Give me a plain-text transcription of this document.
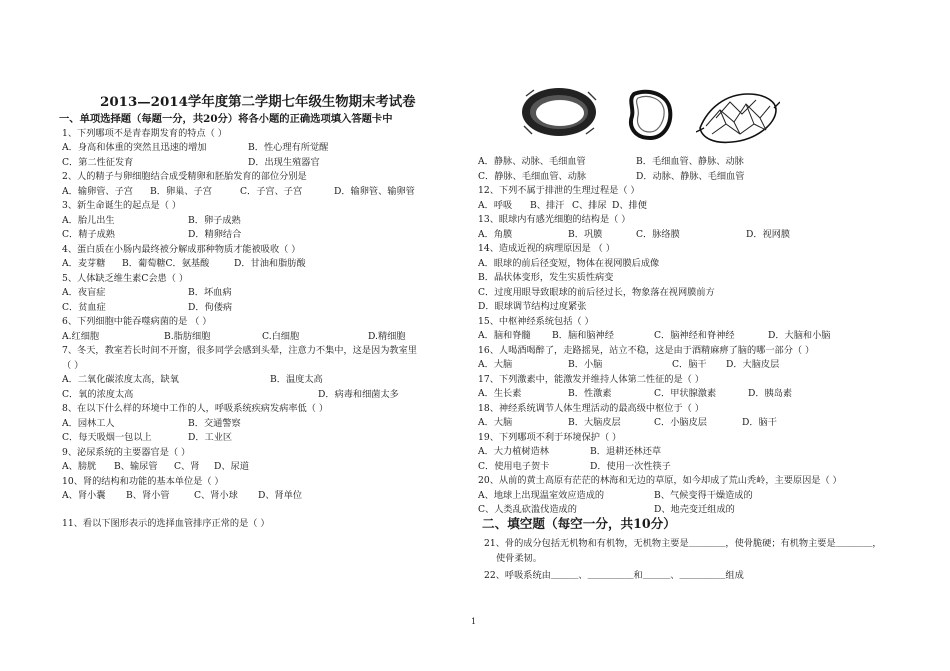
2013—2014学年度第二学期七年级生物期末考试卷
一、单项选择题（每题一分，共20分）将各小题的正确选项填入答题卡中
1、下列哪项不是青春期发育的特点（ ）
A．身高和体重的突然且迅速的增加	B．性心理有所觉醒
C．第二性征发育	D．出现生殖器官
2、人的精子与卵细胞结合成受精卵和胚胎发育的部位分别是
A．输卵管、子宫 B．卵巢、子宫	C．子宫、子宫	D．输卵管、输卵管
3、新生命诞生的起点是（ ）
A．胎儿出生	B．卵子成熟
C．精子成熟	D．精卵结合
4、蛋白质在小肠内最终被分解成那种物质才能被吸收（ ）
A．麦芽糖 B．葡萄糖C．氨基酸	D．甘油和脂肪酸
5、人体缺乏维生素C会患（ ）
A．夜盲症	B．坏血病
C．贫血症	D．佝偻病
6、下列细胞中能吞噬病菌的是 （ ）
A.红细胞	B.脂肪细胞	C.白细胞	D.精细胞
7、冬天，教室若长时间不开窗，很多同学会感到头晕，注意力不集中，这是因为教室里
（ ）
A．二氧化碳浓度太高，缺氧	B．温度太高
C．氧的浓度太高	D．病毒和细菌太多
8、在以下什么样的环境中工作的人，呼吸系统疾病发病率低（ ）
A．园林工人	B．交通警察
C．每天吸烟一包以上	D．工业区
9、泌尿系统的主要器官是（ ）
A、膀胱 B、输尿管 C、肾 D、尿道
10、肾的结构和功能的基本单位是（ ）
A、肾小囊 B、肾小管	C、肾小球 D、肾单位
11、看以下图形表示的选择血管排序正常的是（ ）
A．静脉、动脉、毛细血管	B．毛细血管、静脉、动脉
C．静脉、毛细血管、动脉	D．动脉、静脉、毛细血管
12、下列不属于排泄的生理过程是（ ）
A．呼吸 B、排汗 C、排尿 D、排便
13、眼球内有感光细胞的结构是（ ）
A．角膜	B．巩膜	C．脉络膜	D．视网膜
14、造成近视的病理原因是 （ ）
A．眼球的前后径变短，物体在视网膜后成像
B．晶状体变形，发生实质性病变
C．过度用眼导致眼球的前后径过长，物象落在视网膜前方
D．眼球调节结构过度紧张
15、中枢神经系统包括（ ）
A．脑和脊髓 B．脑和脑神经	C．脑神经和脊神经	D．大脑和小脑
16、人喝酒喝醉了，走路摇晃，站立不稳，这是由于酒精麻痹了脑的哪一部分（ ）
A．大脑	B．小脑	C．脑干 D．大脑皮层
17、下列激素中，能激发并维持人体第二性征的是（ ）
A．生长素	B．性激素	C．甲状腺激素	D．胰岛素
18、神经系统调节人体生理活动的最高级中枢位于（ ）
A．大脑	B．大脑皮层	C．小脑皮层	D．脑干
19、下列哪项不利于环境保护（ ）
A．大力植树造林	B．退耕还林还草
C．使用电子贺卡	D．使用一次性筷子
20、从前的黄土高原有茫茫的林海和无边的草原，如今却成了荒山秃岭，主要原因是（ ）
A、地球上出现温室效应造成的	B、气候变得干燥造成的
C、人类乱砍滥伐造成的	D、地壳变迁组成的
二、填空题（每空一分，共10分）
21、骨的成分包括无机物和有机物，无机物主要是＿＿＿＿，使骨脆硬；有机物主要是＿＿＿＿，
使骨柔韧。
22、呼吸系统由＿＿＿、＿＿＿＿＿和＿＿＿、＿＿＿＿＿组成
1
